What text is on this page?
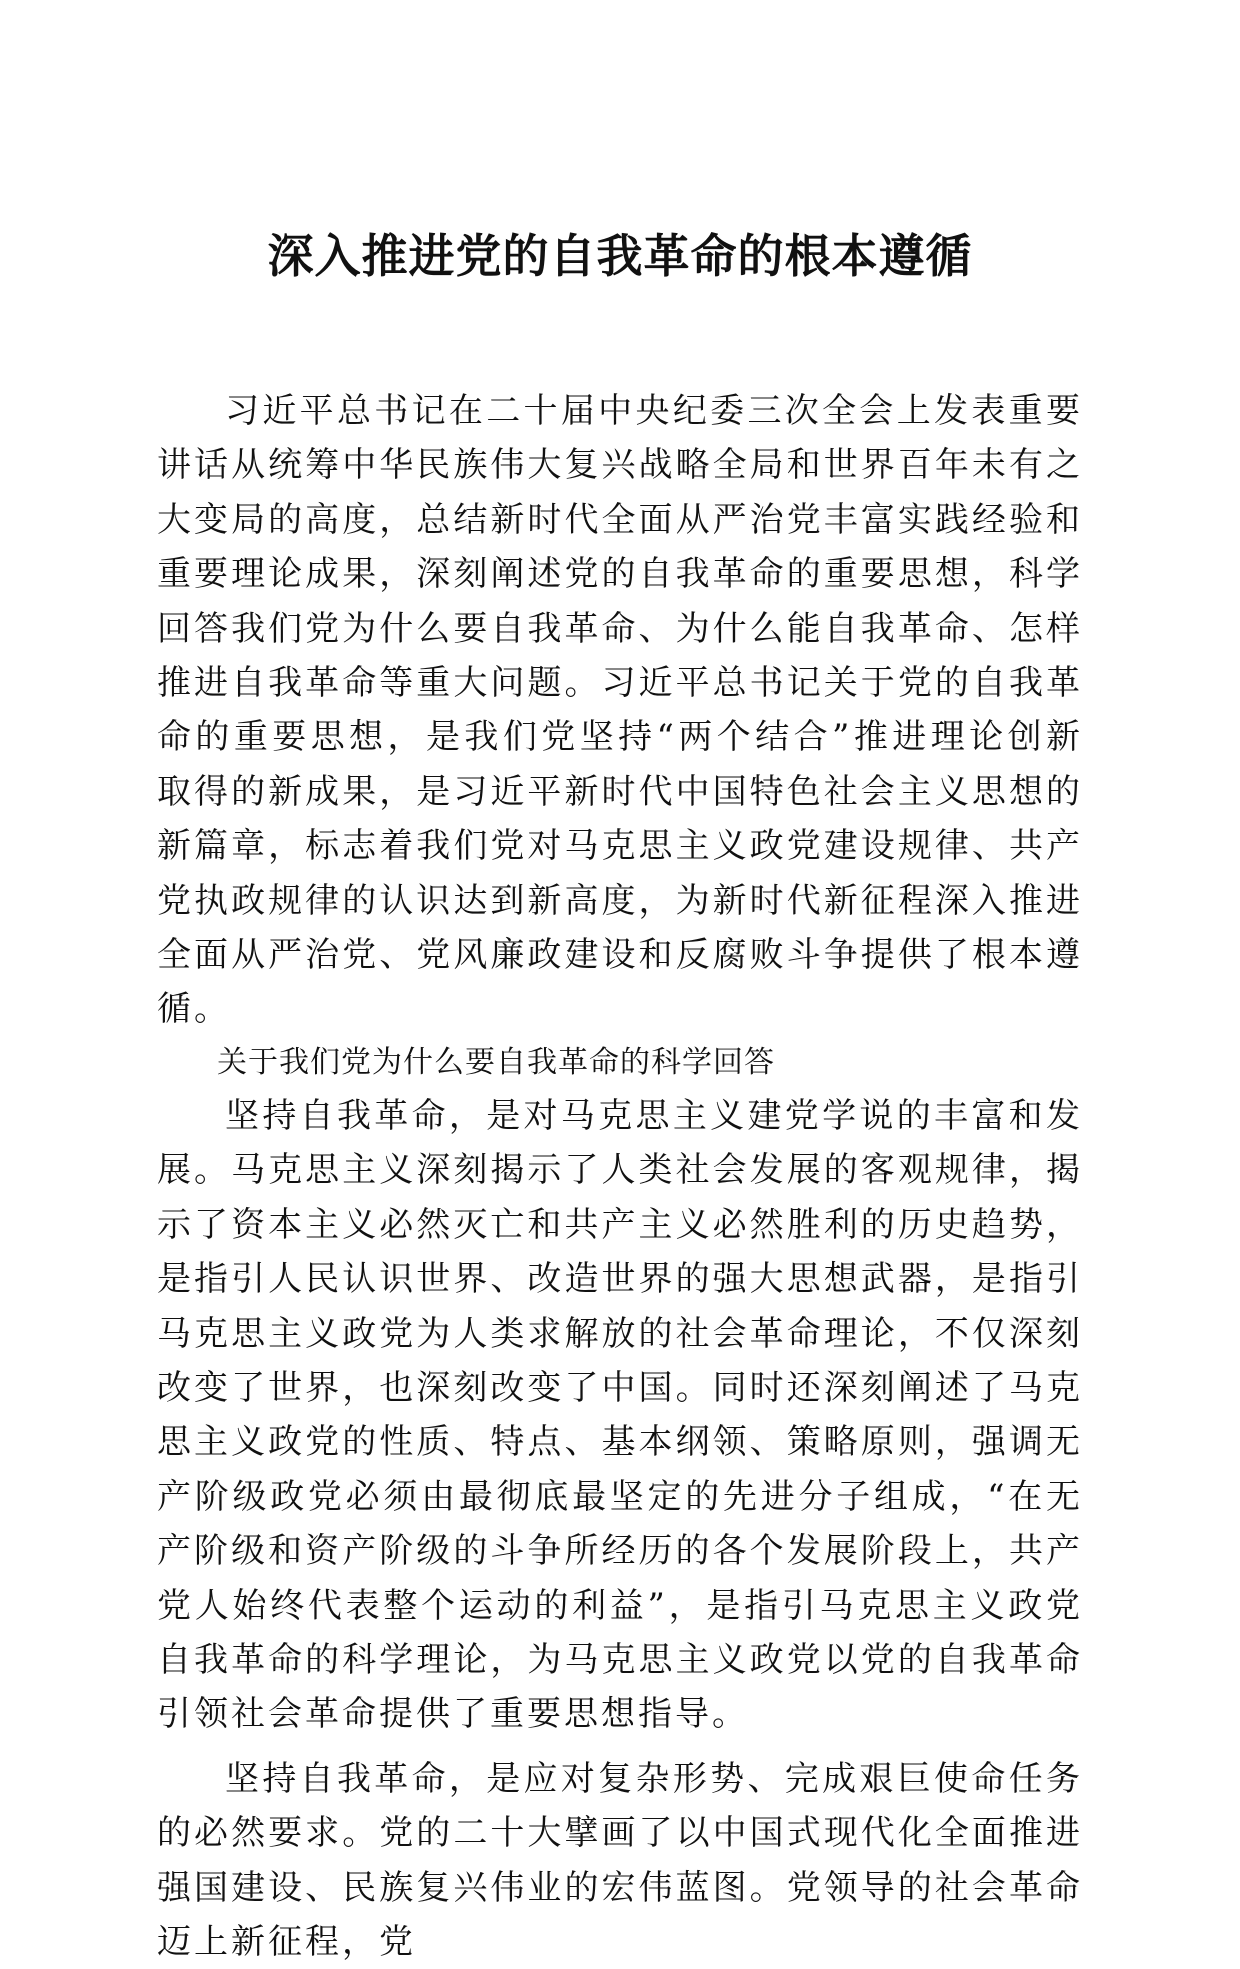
深入推进党的自我革命的根本遵循

习近平总书记在二十届中央纪委三次全会上发表重要讲话从统筹中华民族伟大复兴战略全局和世界百年未有之大变局的高度，总结新时代全面从严治党丰富实践经验和重要理论成果，深刻阐述党的自我革命的重要思想，科学回答我们党为什么要自我革命、为什么能自我革命、怎样推进自我革命等重大问题。习近平总书记关于党的自我革命的重要思想，是我们党坚持“两个结合”推进理论创新取得的新成果，是习近平新时代中国特色社会主义思想的新篇章，标志着我们党对马克思主义政党建设规律、共产党执政规律的认识达到新高度，为新时代新征程深入推进全面从严治党、党风廉政建设和反腐败斗争提供了根本遵循。

关于我们党为什么要自我革命的科学回答

坚持自我革命，是对马克思主义建党学说的丰富和发展。马克思主义深刻揭示了人类社会发展的客观规律，揭示了资本主义必然灭亡和共产主义必然胜利的历史趋势，是指引人民认识世界、改造世界的强大思想武器，是指引马克思主义政党为人类求解放的社会革命理论，不仅深刻改变了世界，也深刻改变了中国。同时还深刻阐述了马克思主义政党的性质、特点、基本纲领、策略原则，强调无产阶级政党必须由最彻底最坚定的先进分子组成，“在无产阶级和资产阶级的斗争所经历的各个发展阶段上，共产党人始终代表整个运动的利益”，是指引马克思主义政党自我革命的科学理论，为马克思主义政党以党的自我革命引领社会革命提供了重要思想指导。

坚持自我革命，是应对复杂形势、完成艰巨使命任务的必然要求。党的二十大擘画了以中国式现代化全面推进强国建设、民族复兴伟业的宏伟蓝图。党领导的社会革命迈上新征程，党
